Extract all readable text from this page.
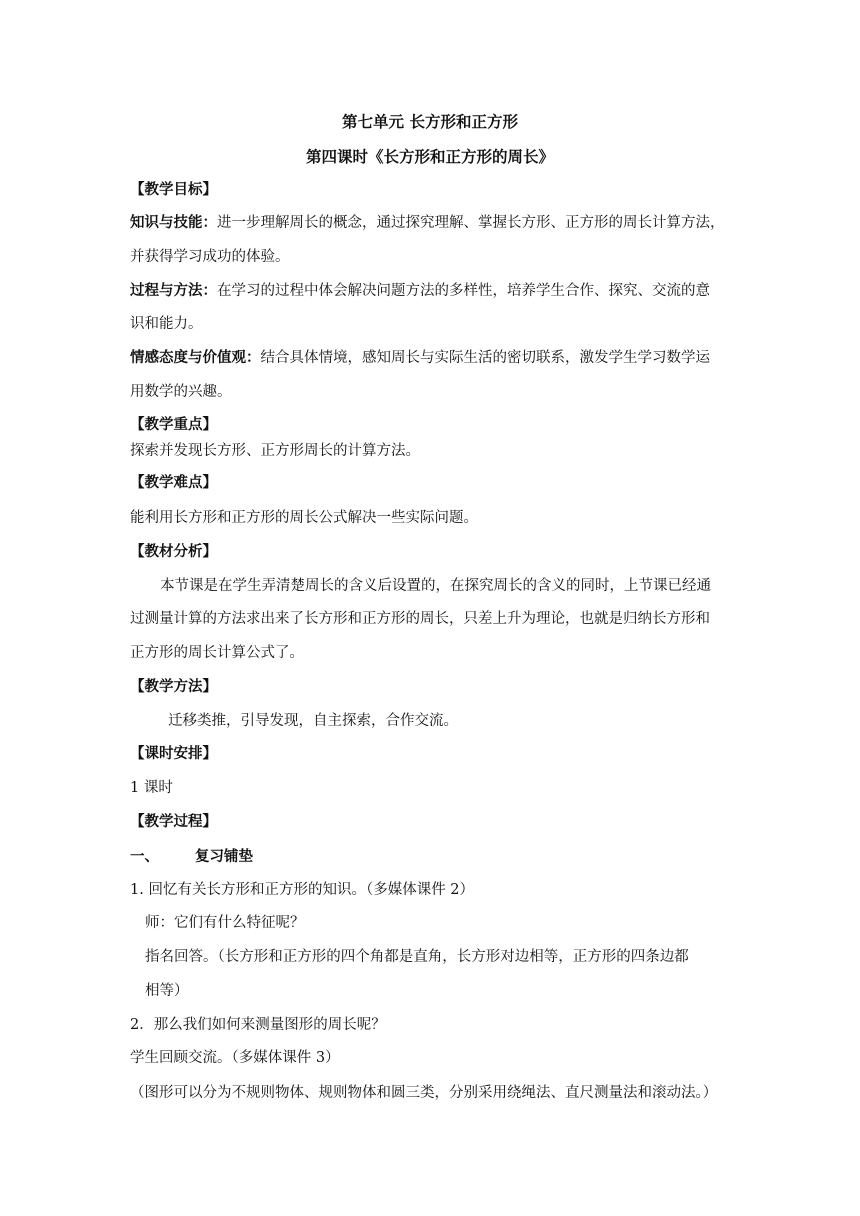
第七单元 长方形和正方形

第四课时《长方形和正方形的周长》

【教学目标】

知识与技能：进一步理解周长的概念，通过探究理解、掌握长方形、正方形的周长计算方法，

并获得学习成功的体验。

过程与方法：在学习的过程中体会解决问题方法的多样性，培养学生合作、探究、交流的意

识和能力。

情感态度与价值观：结合具体情境，感知周长与实际生活的密切联系，激发学生学习数学运

用数学的兴趣。

【教学重点】

探索并发现长方形、正方形周长的计算方法。

【教学难点】

能利用长方形和正方形的周长公式解决一些实际问题。

【教材分析】

本节课是在学生弄清楚周长的含义后设置的，在探究周长的含义的同时，上节课已经通

过测量计算的方法求出来了长方形和正方形的周长，只差上升为理论，也就是归纳长方形和

正方形的周长计算公式了。

【教学方法】

迁移类推，引导发现，自主探索，合作交流。

【课时安排】

1 课时

【教学过程】

一、 复习铺垫

1. 回忆有关长方形和正方形的知识。（多媒体课件 2）

师：它们有什么特征呢？

指名回答。（长方形和正方形的四个角都是直角，长方形对边相等，正方形的四条边都

相等）

2．那么我们如何来测量图形的周长呢？

学生回顾交流。（多媒体课件 3）

（图形可以分为不规则物体、规则物体和圆三类，分别采用绕绳法、直尺测量法和滚动法。）
